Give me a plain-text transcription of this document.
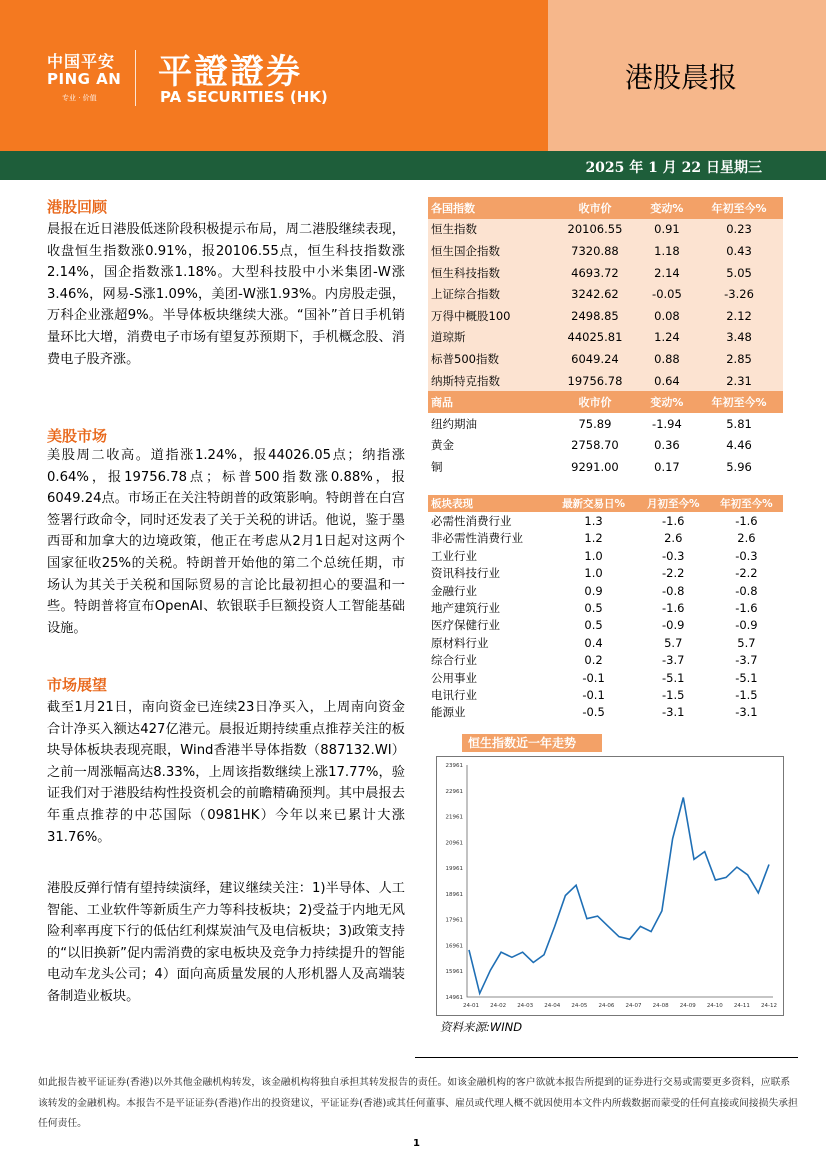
中国平安
PING AN
专业 · 价值
平證證券
PA SECURITIES (HK)
港股晨报
2025 年 1 月 22 日星期三
港股回顾
晨报在近日港股低迷阶段积极提示布局，周二港股继续表现，收盘恒生指数涨0.91%，报20106.55点，恒生科技指数涨2.14%，国企指数涨1.18%。大型科技股中小米集团-W涨3.46%，网易-S涨1.09%，美团-W涨1.93%。内房股走强，万科企业涨超9%。半导体板块继续大涨。“国补”首日手机销量环比大增，消费电子市场有望复苏预期下，手机概念股、消费电子股齐涨。
美股市场
美股周二收高。道指涨1.24%，报44026.05点；纳指涨0.64%，报19756.78点；标普500指数涨0.88%，报6049.24点。市场正在关注特朗普的政策影响。特朗普在白宫签署行政命令，同时还发表了关于关税的讲话。他说，鉴于墨西哥和加拿大的边境政策，他正在考虑从2月1日起对这两个国家征收25%的关税。特朗普开始他的第二个总统任期，市场认为其关于关税和国际贸易的言论比最初担心的要温和一些。特朗普将宣布OpenAI、软银联手巨额投资人工智能基础设施。
市场展望
截至1月21日，南向资金已连续23日净买入，上周南向资金合计净买入额达427亿港元。晨报近期持续重点推荐关注的板块导体板块表现亮眼，Wind香港半导体指数（887132.WI）之前一周涨幅高达8.33%，上周该指数继续上涨17.77%，验证我们对于港股结构性投资机会的前瞻精确预判。其中晨报去年重点推荐的中芯国际（0981HK）今年以来已累计大涨31.76%。
港股反弹行情有望持续演绎，建议继续关注：1)半导体、人工智能、工业软件等新质生产力等科技板块；2)受益于内地无风险利率再度下行的低估红利煤炭油气及电信板块；3)政策支持的“以旧换新”促内需消费的家电板块及竞争力持续提升的智能电动车龙头公司；4）面向高质量发展的人形机器人及高端装备制造业板块。
各国指数	收市价	变动%	年初至今%
恒生指数	20106.55	0.91	0.23
恒生国企指数	7320.88	1.18	0.43
恒生科技指数	4693.72	2.14	5.05
上证综合指数	3242.62	-0.05	-3.26
万得中概股100	2498.85	0.08	2.12
道琼斯	44025.81	1.24	3.48
标普500指数	6049.24	0.88	2.85
纳斯特克指数	19756.78	0.64	2.31
商品	收市价	变动%	年初至今%
纽约期油	75.89	-1.94	5.81
黄金	2758.70	0.36	4.46
铜	9291.00	0.17	5.96
板块表现	最新交易日%	月初至今%	年初至今%
必需性消费行业	1.3	-1.6	-1.6
非必需性消费行业	1.2	2.6	2.6
工业行业	1.0	-0.3	-0.3
资讯科技行业	1.0	-2.2	-2.2
金融行业	0.9	-0.8	-0.8
地产建筑行业	0.5	-1.6	-1.6
医疗保健行业	0.5	-0.9	-0.9
原材料行业	0.4	5.7	5.7
综合行业	0.2	-3.7	-3.7
公用事业	-0.1	-5.1	-5.1
电讯行业	-0.1	-1.5	-1.5
能源业	-0.5	-3.1	-3.1
恒生指数近一年走势
14961
15961
16961
17961
18961
19961
20961
21961
22961
23961
24-01 24-02 24-03 24-04 24-05 24-06 24-07 24-08 24-09 24-10 24-11 24-12
资料来源:WIND
如此报告被平证证券(香港)以外其他金融机构转发，该金融机构将独自承担其转发报告的责任。如该金融机构的客户欲就本报告所提到的证券进行交易或需要更多资料，应联系该转发的金融机构。本报告不是平证证券(香港)作出的投资建议，平证证券(香港)或其任何董事、雇员或代理人概不就因使用本文件内所载数据而蒙受的任何直接或间接损失承担任何责任。
1
